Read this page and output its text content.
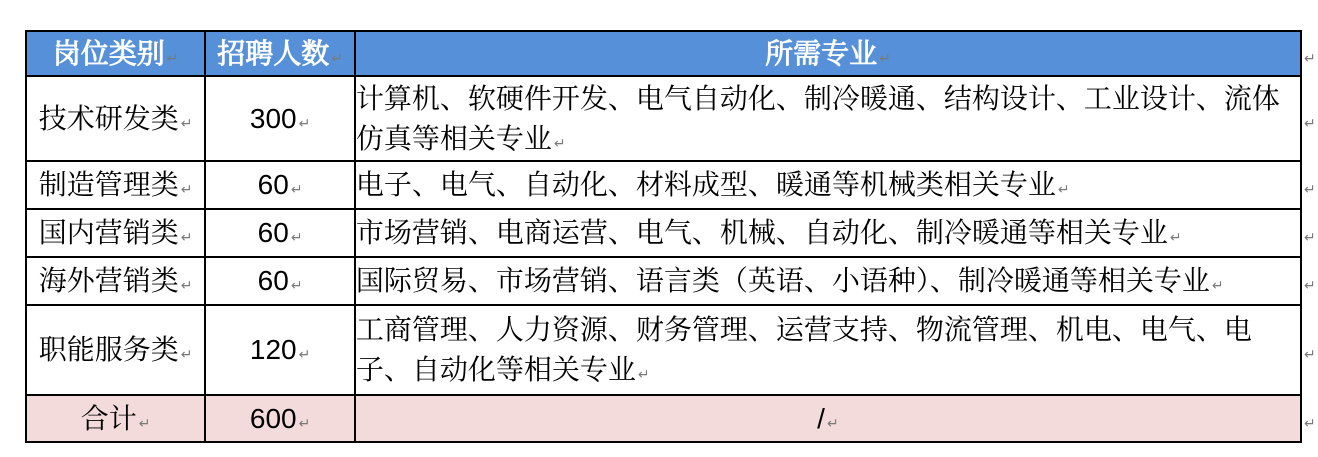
岗位类别 ↵	招聘人数 ↵	所需专业 ↵	↵
技术研发类 ↵	300 ↵	计算机、软硬件开发、电气自动化、制冷暖通、结构设计、工业设计、流体仿真等相关专业 ↵	↵
制造管理类 ↵	60 ↵	电子、电气、自动化、材料成型、暖通等机械类相关专业 ↵	↵
国内营销类 ↵	60 ↵	市场营销、电商运营、电气、机械、自动化、制冷暖通等相关专业 ↵	↵
海外营销类 ↵	60 ↵	国际贸易、市场营销、语言类（英语、小语种）、制冷暖通等相关专业 ↵	↵
职能服务类 ↵	120 ↵	工商管理、人力资源、财务管理、运营支持、物流管理、机电、电气、电子、自动化等相关专业 ↵	↵
合计 ↵	600 ↵	/ ↵	↵
